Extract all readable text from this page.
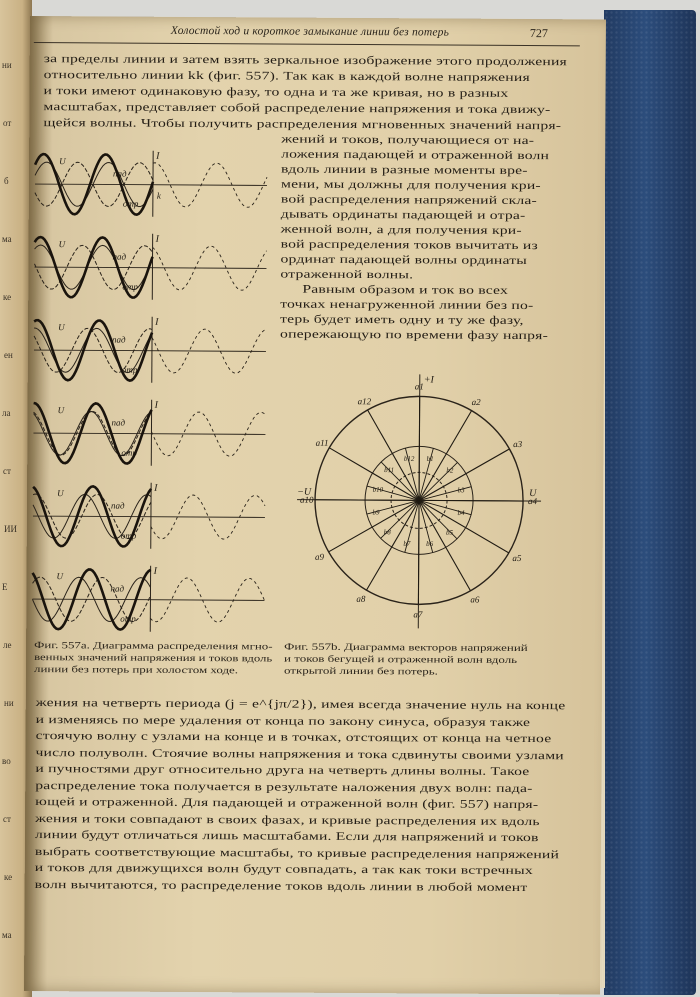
ни
от
б
ма
ке
ен
ла
ст
ИИ
Е
ле
ни
во
ст
ке
ма
Холостой ход и короткое замыкание линии без потерь	727
за пределы линии и затем взять зеркальное изображение этого продолжения
относительно линии kk (фиг. 557). Так как в каждой волне напряжения
и токи имеют одинаковую фазу, то одна и та же кривая, но в разных
масштабах, представляет собой распределение напряжения и тока движу-
щейся волны. Чтобы получить распределения мгновенных значений напря-
жений и токов, получающиеся от на-
ложения падающей и отраженной волн
вдоль линии в разные моменты вре-
мени, мы должны для получения кри-
вой распределения напряжений скла-
дывать ординаты падающей и отра-
женной волн, а для получения кри-
вой распределения токов вычитать из
ординат падающей волны ординаты
отраженной волны.
Равным образом и ток во всех
точках ненагруженной линии без по-
терь будет иметь одну и ту же фазу,
опережающую по времени фазу напря-
пад
отр
I
U
k
пад
отр
I
U
пад
отр
I
U
пад
отр
I
U
пад
отр
I
U
пад
отр
I
U
a1
b1
a2
b2
a3
b3
a4
b4
a5
b5
a6
b6
a7
b7
a8
b8
a9
b9
a10
b10
a11
b11
a12
b12
+I
U
−U
Фиг. 557а. Диаграмма распределения мгно-
венных значений напряжения и токов вдоль
линии без потерь при холостом ходе.
Фиг. 557b. Диаграмма векторов напряжений
и токов бегущей и отраженной волн вдоль
открытой линии без потерь.
жения на четверть периода (j = e^{jπ/2}), имея всегда значение нуль на конце
и изменяясь по мере удаления от конца по закону синуса, образуя также
стоячую волну с узлами на конце и в точках, отстоящих от конца на четное
число полуволн. Стоячие волны напряжения и тока сдвинуты своими узлами
и пучностями друг относительно друга на четверть длины волны. Такое
распределение тока получается в результате наложения двух волн: пада-
ющей и отраженной. Для падающей и отраженной волн (фиг. 557) напря-
жения и токи совпадают в своих фазах, и кривые распределения их вдоль
линии будут отличаться лишь масштабами. Если для напряжений и токов
выбрать соответствующие масштабы, то кривые распределения напряжений
и токов для движущихся волн будут совпадать, а так как токи встречных
волн вычитаются, то распределение токов вдоль линии в любой момент
